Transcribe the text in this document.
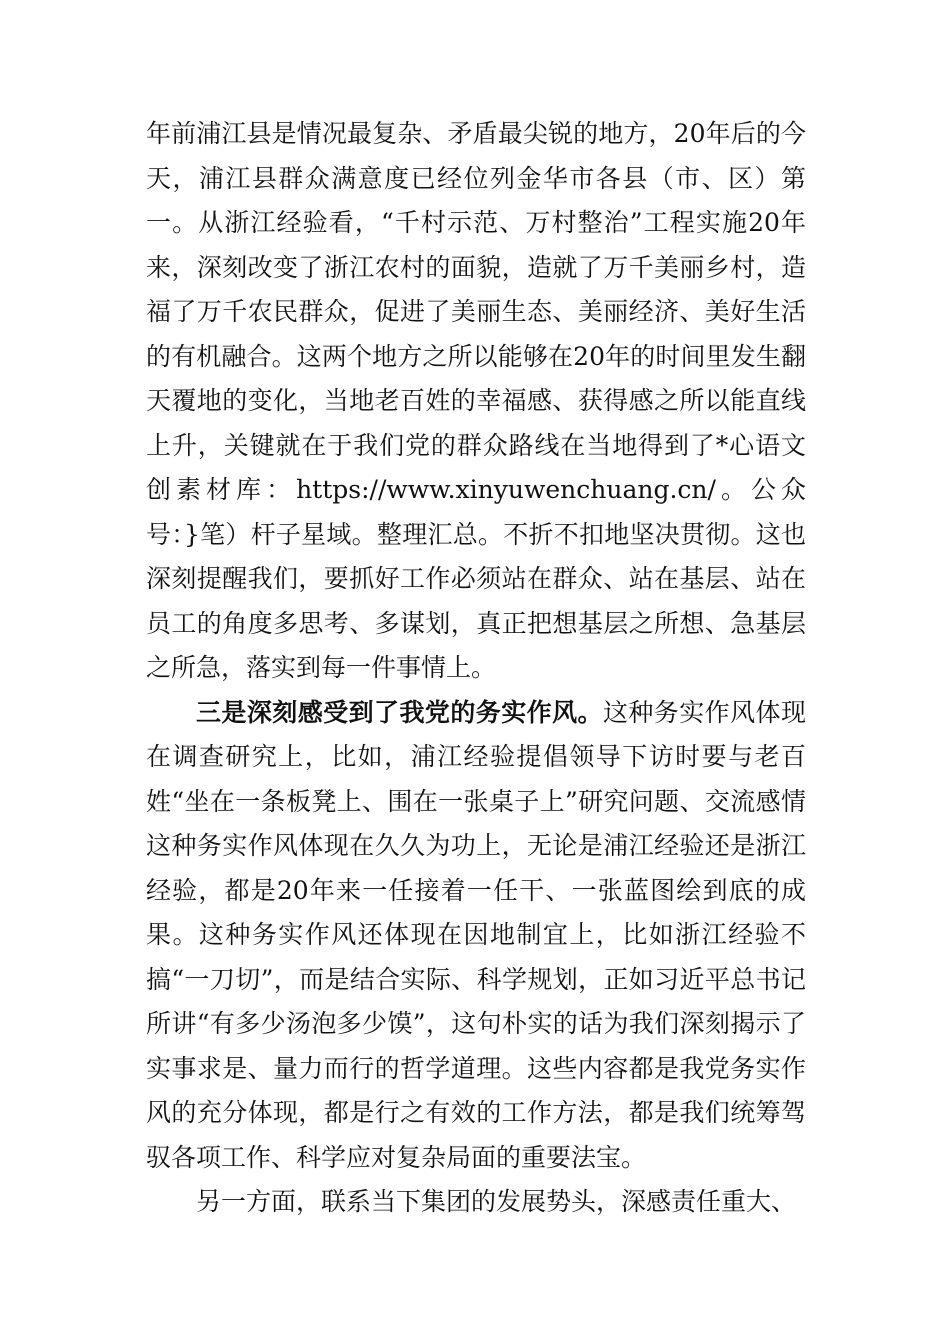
年前浦江县是情况最复杂、矛盾最尖锐的地方，20年后的今天，浦江县群众满意度已经位列金华市各县（市、区）第一。从浙江经验看，“千村示范、万村整治”工程实施20年来，深刻改变了浙江农村的面貌，造就了万千美丽乡村，造福了万千农民群众，促进了美丽生态、美丽经济、美好生活的有机融合。这两个地方之所以能够在20年的时间里发生翻天覆地的变化，当地老百姓的幸福感、获得感之所以能直线上升，关键就在于我们党的群众路线在当地得到了*心语文创素材库：https://www.xinyuwenchuang.cn/。公众号：}笔）杆子星域。整理汇总。不折不扣地坚决贯彻。这也深刻提醒我们，要抓好工作必须站在群众、站在基层、站在员工的角度多思考、多谋划，真正把想基层之所想、急基层之所急，落实到每一件事情上。

三是深刻感受到了我党的务实作风。这种务实作风体现在调查研究上，比如，浦江经验提倡领导下访时要与老百姓“坐在一条板凳上、围在一张桌子上”研究问题、交流感情这种务实作风体现在久久为功上，无论是浦江经验还是浙江经验，都是20年来一任接着一任干、一张蓝图绘到底的成果。这种务实作风还体现在因地制宜上，比如浙江经验不搞“一刀切”，而是结合实际、科学规划，正如习近平总书记所讲“有多少汤泡多少馍”，这句朴实的话为我们深刻揭示了实事求是、量力而行的哲学道理。这些内容都是我党务实作风的充分体现，都是行之有效的工作方法，都是我们统筹驾驭各项工作、科学应对复杂局面的重要法宝。

另一方面，联系当下集团的发展势头，深感责任重大、
